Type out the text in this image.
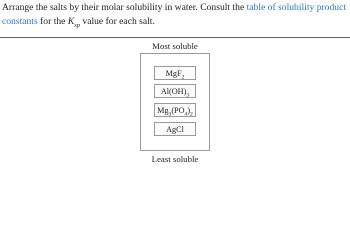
Arrange the salts by their molar solubility in water. Consult the table of solubility product constants for the $K_{sp}$ value for each salt.
Most soluble
MgF$_2$
$Al(OH)_3$
$Mg_3(PO_4)_2$
AgCl
Least soluble
